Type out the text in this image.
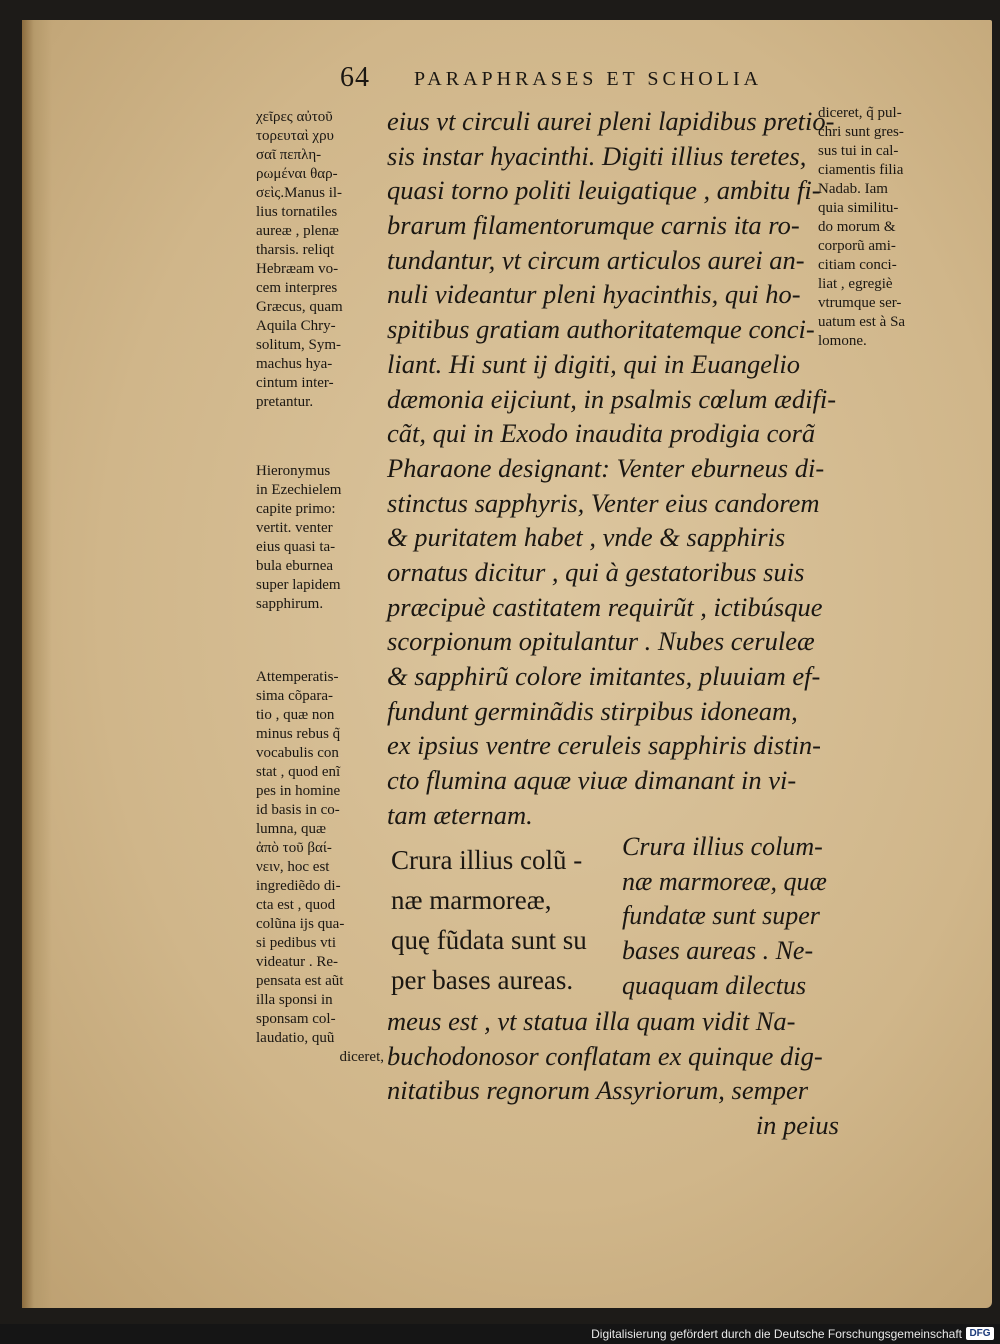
64 PARAPHRASES ET SCHOLIA
χεῖρες αὐτοῦ
τορευταὶ χρυ
σαῖ πεπλη-
ρωμέναι θαρ-
σεὶς.Manus il-
lius tornatiles
aureæ , plenæ
tharsis. reliqt
Hebræam vo-
cem interpres
Græcus, quam
Aquila Chry-
solitum, Sym-
machus hya-
cintum inter-
pretantur.
Hieronymus
in Ezechielem
capite primo:
vertit. venter
eius quasi ta-
bula eburnea
super lapidem
sapphirum.
Attemperatis-
sima cõpara-
tio , quæ non
minus rebus q̃
vocabulis con
stat , quod enĩ
pes in homine
id basis in co-
lumna, quæ
ἀπὸ τοῦ βαί-
νειν, hoc est
ingrediẽdo di-
cta est , quod
colũna ijs qua-
si pedibus vti
videatur . Re-
pensata est aũt
illa sponsi in
sponsam col-
laudatio, quũ
diceret,
diceret, q̃ pul-
chri sunt gres-
sus tui in cal-
ciamentis filia
Nadab. Iam
quia similitu-
do morum &
corporũ ami-
citiam conci-
liat , egregiè
vtrumque ser-
uatum est à Sa
lomone.
eius vt circuli aurei pleni lapidibus pretio-
sis instar hyacinthi. Digiti illius teretes,
quasi torno politi leuigatique , ambitu fi-
brarum filamentorumque carnis ita ro-
tundantur, vt circum articulos aurei an-
nuli videantur pleni hyacinthis, qui ho-
spitibus gratiam authoritatemque conci-
liant. Hi sunt ij digiti, qui in Euangelio
dæmonia eijciunt, in psalmis cœlum ædifi-
cãt, qui in Exodo inaudita prodigia corã
Pharaone designant: Venter eburneus di-
stinctus sapphyris, Venter eius candorem
& puritatem habet , vnde & sapphiris
ornatus dicitur , qui à gestatoribus suis
præcipuè castitatem requirũt , ictibúsque
scorpionum opitulantur . Nubes ceruleæ
& sapphirũ colore imitantes, pluuiam ef-
fundunt germinãdis stirpibus idoneam,
ex ipsius ventre ceruleis sapphiris distin-
cto flumina aquæ viuæ dimanant in vi-
tam æternam.
Crura illius colũ -
næ marmoreæ,
quę fũdata sunt su
per bases aureas.
Crura illius colum-
næ marmoreæ, quæ
fundatæ sunt super
bases aureas . Ne-
quaquam dilectus
meus est , vt statua illa quam vidit Na-
buchodonosor conflatam ex quinque dig-
nitatibus regnorum Assyriorum, semper
in peius
Digitalisierung gefördert durch die Deutsche Forschungsgemeinschaft DFG
